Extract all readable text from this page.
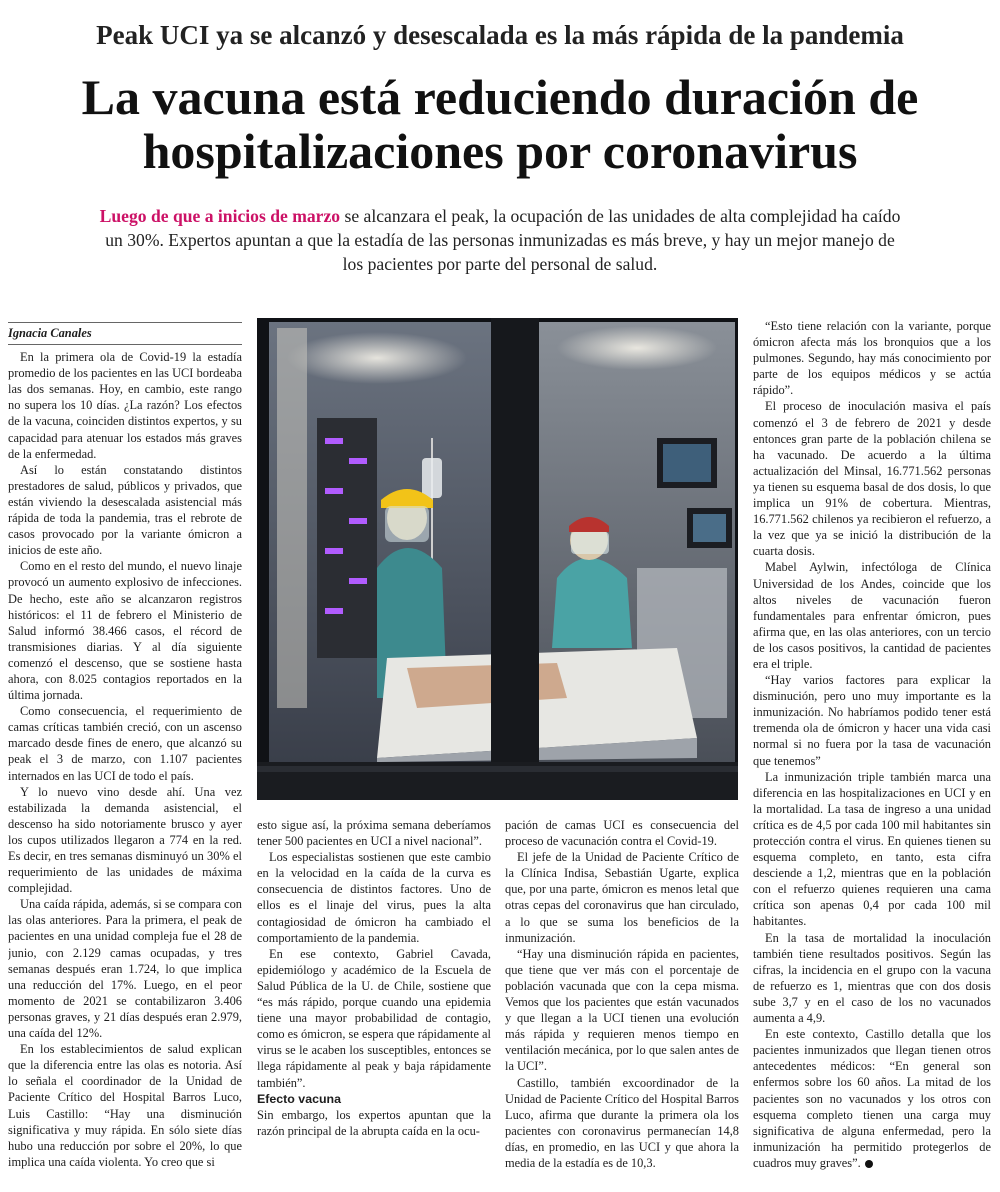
Peak UCI ya se alcanzó y desescalada es la más rápida de la pandemia
La vacuna está reduciendo duración de
hospitalizaciones por coronavirus

Luego de que a inicios de marzo se alcanzara el peak, la ocupación de las unidades de alta complejidad ha caído
un 30%. Expertos apuntan a que la estadía de las personas inmunizadas es más breve, y hay un mejor manejo de
los pacientes por parte del personal de salud.

Ignacia Canales

En la primera ola de Covid-19 la estadía promedio de los pacientes en las UCI bordeaba las dos semanas. Hoy, en cambio, este rango no supera los 10 días. ¿La razón? Los efectos de la vacuna, coinciden distintos expertos, y su capacidad para atenuar los estados más graves de la enfermedad.

Así lo están constatando distintos prestadores de salud, públicos y privados, que están viviendo la desescalada asistencial más rápida de toda la pandemia, tras el rebrote de casos provocado por la variante ómicron a inicios de este año.

Como en el resto del mundo, el nuevo linaje provocó un aumento explosivo de infecciones. De hecho, este año se alcanzaron registros históricos: el 11 de febrero el Ministerio de Salud informó 38.466 casos, el récord de transmisiones diarias. Y al día siguiente comenzó el descenso, que se sostiene hasta ahora, con 8.025 contagios reportados en la última jornada.

Como consecuencia, el requerimiento de camas críticas también creció, con un ascenso marcado desde fines de enero, que alcanzó su peak el 3 de marzo, con 1.107 pacientes internados en las UCI de todo el país.

Y lo nuevo vino desde ahí. Una vez estabilizada la demanda asistencial, el descenso ha sido notoriamente brusco y ayer los cupos utilizados llegaron a 774 en la red. Es decir, en tres semanas disminuyó un 30% el requerimiento de las unidades de máxima complejidad.

Una caída rápida, además, si se compara con las olas anteriores. Para la primera, el peak de pacientes en una unidad compleja fue el 28 de junio, con 2.129 camas ocupadas, y tres semanas después eran 1.724, lo que implica una reducción del 17%. Luego, en el peor momento de 2021 se contabilizaron 3.406 personas graves, y 21 días después eran 2.979, una caída del 12%.

En los establecimientos de salud explican que la diferencia entre las olas es notoria. Así lo señala el coordinador de la Unidad de Paciente Crítico del Hospital Barros Luco, Luis Castillo: “Hay una disminución significativa y muy rápida. En sólo siete días hubo una reducción por sobre el 20%, lo que implica una caída violenta. Yo creo que si

esto sigue así, la próxima semana deberíamos tener 500 pacientes en UCI a nivel nacional”.

Los especialistas sostienen que este cambio en la velocidad en la caída de la curva es consecuencia de distintos factores. Uno de ellos es el linaje del virus, pues la alta contagiosidad de ómicron ha cambiado el comportamiento de la pandemia.

En ese contexto, Gabriel Cavada, epidemiólogo y académico de la Escuela de Salud Pública de la U. de Chile, sostiene que “es más rápido, porque cuando una epidemia tiene una mayor probabilidad de contagio, como es ómicron, se espera que rápidamente al virus se le acaben los susceptibles, entonces se llega rápidamente al peak y baja rápidamente también”.

Efecto vacuna

Sin embargo, los expertos apuntan que la razón principal de la abrupta caída en la ocu-

pación de camas UCI es consecuencia del proceso de vacunación contra el Covid-19.

El jefe de la Unidad de Paciente Crítico de la Clínica Indisa, Sebastián Ugarte, explica que, por una parte, ómicron es menos letal que otras cepas del coronavirus que han circulado, a lo que se suma los beneficios de la inmunización.

“Hay una disminución rápida en pacientes, que tiene que ver más con el porcentaje de población vacunada que con la cepa misma. Vemos que los pacientes que están vacunados y que llegan a la UCI tienen una evolución más rápida y requieren menos tiempo en ventilación mecánica, por lo que salen antes de la UCI”.

Castillo, también excoordinador de la Unidad de Paciente Crítico del Hospital Barros Luco, afirma que durante la primera ola los pacientes con coronavirus permanecían 14,8 días, en promedio, en las UCI y que ahora la media de la estadía es de 10,3.

“Esto tiene relación con la variante, porque ómicron afecta más los bronquios que a los pulmones. Segundo, hay más conocimiento por parte de los equipos médicos y se actúa rápido”.

El proceso de inoculación masiva el país comenzó el 3 de febrero de 2021 y desde entonces gran parte de la población chilena se ha vacunado. De acuerdo a la última actualización del Minsal, 16.771.562 personas ya tienen su esquema basal de dos dosis, lo que implica un 91% de cobertura. Mientras, 16.771.562 chilenos ya recibieron el refuerzo, a la vez que ya se inició la distribución de la cuarta dosis.

Mabel Aylwin, infectóloga de Clínica Universidad de los Andes, coincide que los altos niveles de vacunación fueron fundamentales para enfrentar ómicron, pues afirma que, en las olas anteriores, con un tercio de los casos positivos, la cantidad de pacientes era el triple.

“Hay varios factores para explicar la disminución, pero uno muy importante es la inmunización. No habríamos podido tener está tremenda ola de ómicron y hacer una vida casi normal si no fuera por la tasa de vacunación que tenemos”

La inmunización triple también marca una diferencia en las hospitalizaciones en UCI y en la mortalidad. La tasa de ingreso a una unidad crítica es de 4,5 por cada 100 mil habitantes sin protección contra el virus. En quienes tienen su esquema completo, en tanto, esta cifra desciende a 1,2, mientras que en la población con el refuerzo quienes requieren una cama crítica son apenas 0,4 por cada 100 mil habitantes.

En la tasa de mortalidad la inoculación también tiene resultados positivos. Según las cifras, la incidencia en el grupo con la vacuna de refuerzo es 1, mientras que con dos dosis sube 3,7 y en el caso de los no vacunados aumenta a 4,9.

En este contexto, Castillo detalla que los pacientes inmunizados que llegan tienen otros antecedentes médicos: “En general son enfermos sobre los 60 años. La mitad de los pacientes son no vacunados y los otros con esquema completo tienen una carga muy significativa de alguna enfermedad, pero la inmunización ha permitido protegerlos de cuadros muy graves”.
